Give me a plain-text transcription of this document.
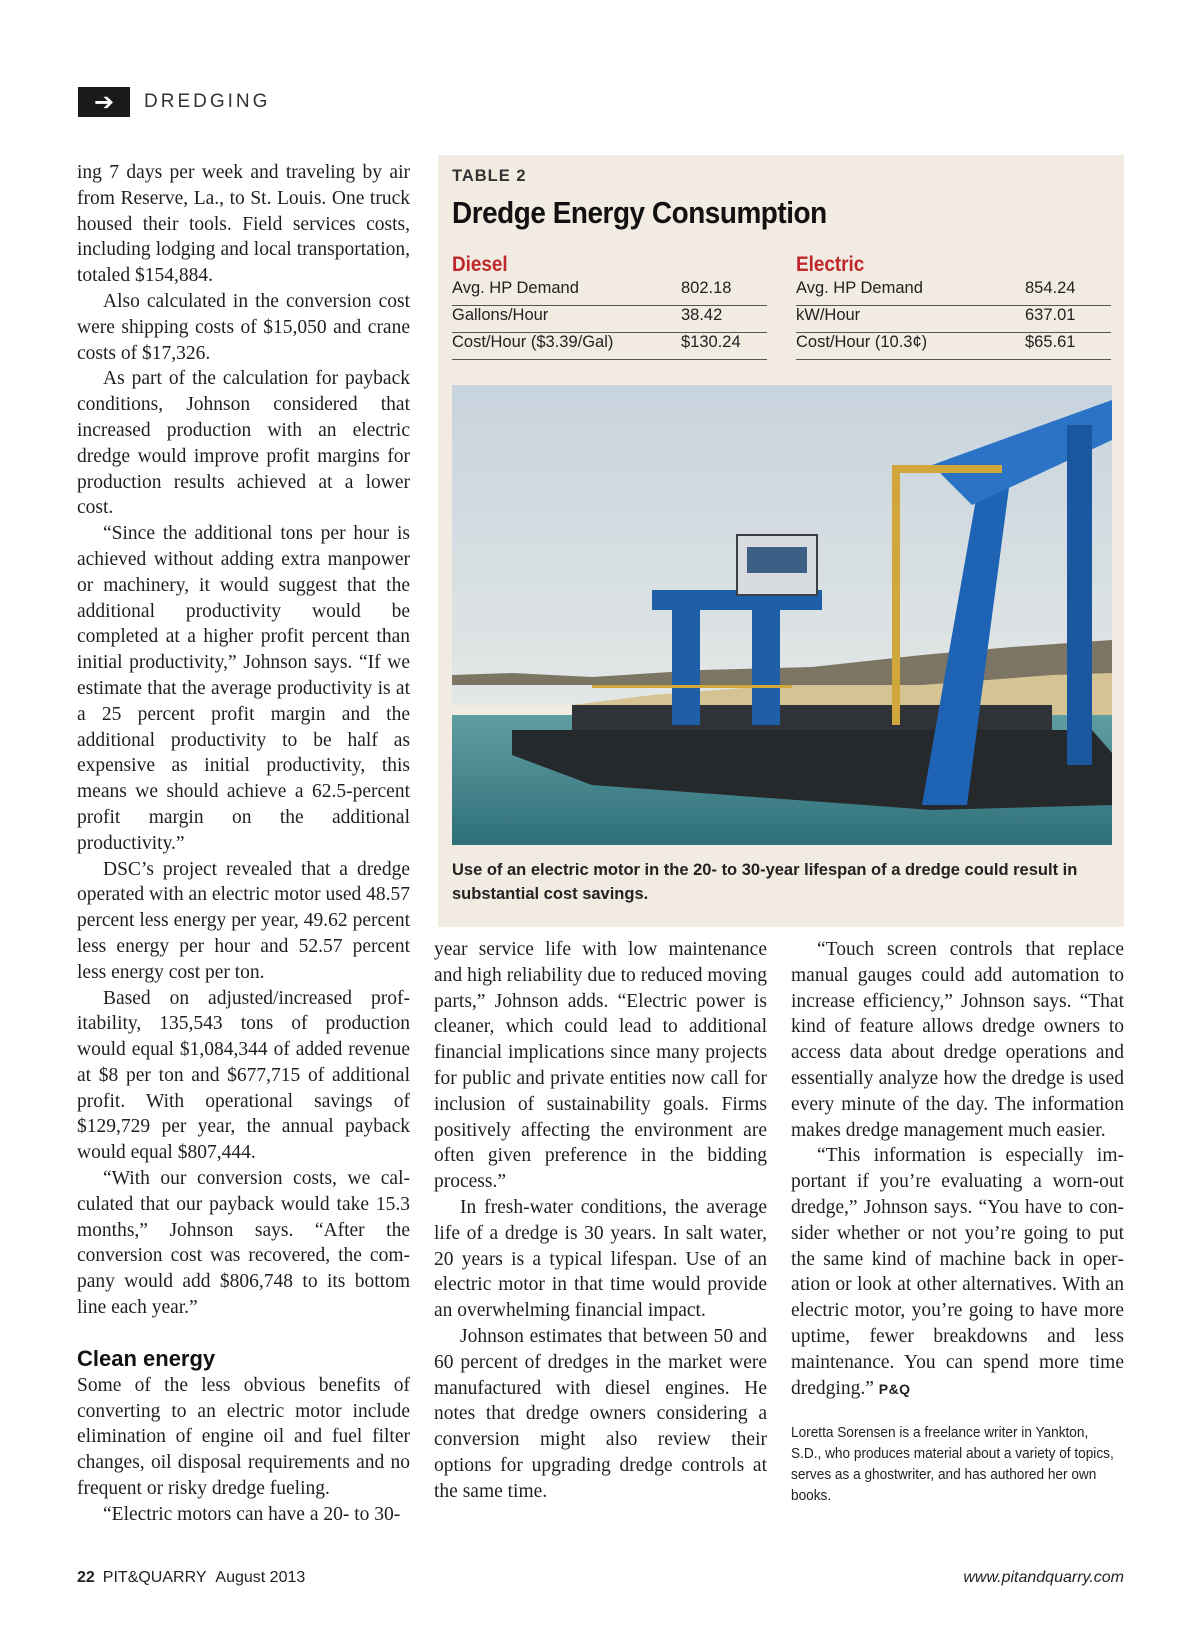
➔	DREDGING

ing 7 days per week and traveling by air from Reserve, La., to St. Louis. One truck housed their tools. Field services costs, including lodging and local transportation, totaled $154,884.

Also calculated in the conversion cost were shipping costs of $15,050 and crane costs of $17,326.

As part of the calculation for payback conditions, Johnson considered that increased production with an electric dredge would improve profit margins for production results achieved at a lower cost.

“Since the additional tons per hour is achieved without adding extra manpower or machinery, it would suggest that the additional productivity would be completed at a higher profit percent than initial productivity,” Johnson says. “If we estimate that the average productivity is at a 25 percent profit margin and the additional productivity to be half as expensive as initial productivity, this means we should achieve a 62.5-percent profit margin on the additional productivity.”

DSC’s project revealed that a dredge operated with an electric motor used 48.57 percent less energy per year, 49.62 percent less energy per hour and 52.57 percent less energy cost per ton.

Based on adjusted/increased profitability, 135,543 tons of production would equal $1,084,344 of added revenue at $8 per ton and $677,715 of additional profit. With operational savings of $129,729 per year, the annual payback would equal $807,444.

“With our conversion costs, we calculated that our payback would take 15.3 months,” Johnson says. “After the conversion cost was recovered, the company would add $806,748 to its bottom line each year.”

Clean energy

Some of the less obvious benefits of converting to an electric motor include elimination of engine oil and fuel filter changes, oil disposal requirements and no frequent or risky dredge fueling.

“Electric motors can have a 20- to 30-

TABLE 2
Dredge Energy Consumption
Diesel
Avg. HP Demand	802.18
Gallons/Hour	38.42
Cost/Hour ($3.39/Gal)	$130.24
Electric
Avg. HP Demand	854.24
kW/Hour	637.01
Cost/Hour (10.3¢)	$65.61
Use of an electric motor in the 20- to 30-year lifespan of a dredge could result in substantial cost savings.

year service life with low maintenance and high reliability due to reduced moving parts,” Johnson adds. “Electric power is cleaner, which could lead to additional financial implications since many projects for public and private entities now call for inclusion of sustainability goals. Firms positively affecting the environment are often given preference in the bidding process.”

In fresh-water conditions, the average life of a dredge is 30 years. In salt water, 20 years is a typical lifespan. Use of an electric motor in that time would provide an overwhelming financial impact.

Johnson estimates that between 50 and 60 percent of dredges in the market were manufactured with diesel engines. He notes that dredge owners considering a conversion might also review their options for upgrading dredge controls at the same time.

“Touch screen controls that replace manual gauges could add automation to increase efficiency,” Johnson says. “That kind of feature allows dredge owners to access data about dredge operations and essentially analyze how the dredge is used every minute of the day. The information makes dredge management much easier.

“This information is especially important if you’re evaluating a worn-out dredge,” Johnson says. “You have to consider whether or not you’re going to put the same kind of machine back in operation or look at other alternatives. With an electric motor, you’re going to have more uptime, fewer breakdowns and less maintenance. You can spend more time dredging.” P&Q

Loretta Sorensen is a freelance writer in Yankton, S.D., who produces material about a variety of topics, serves as a ghostwriter, and has authored her own books.
22 PIT&QUARRY August 2013	www.pitandquarry.com
